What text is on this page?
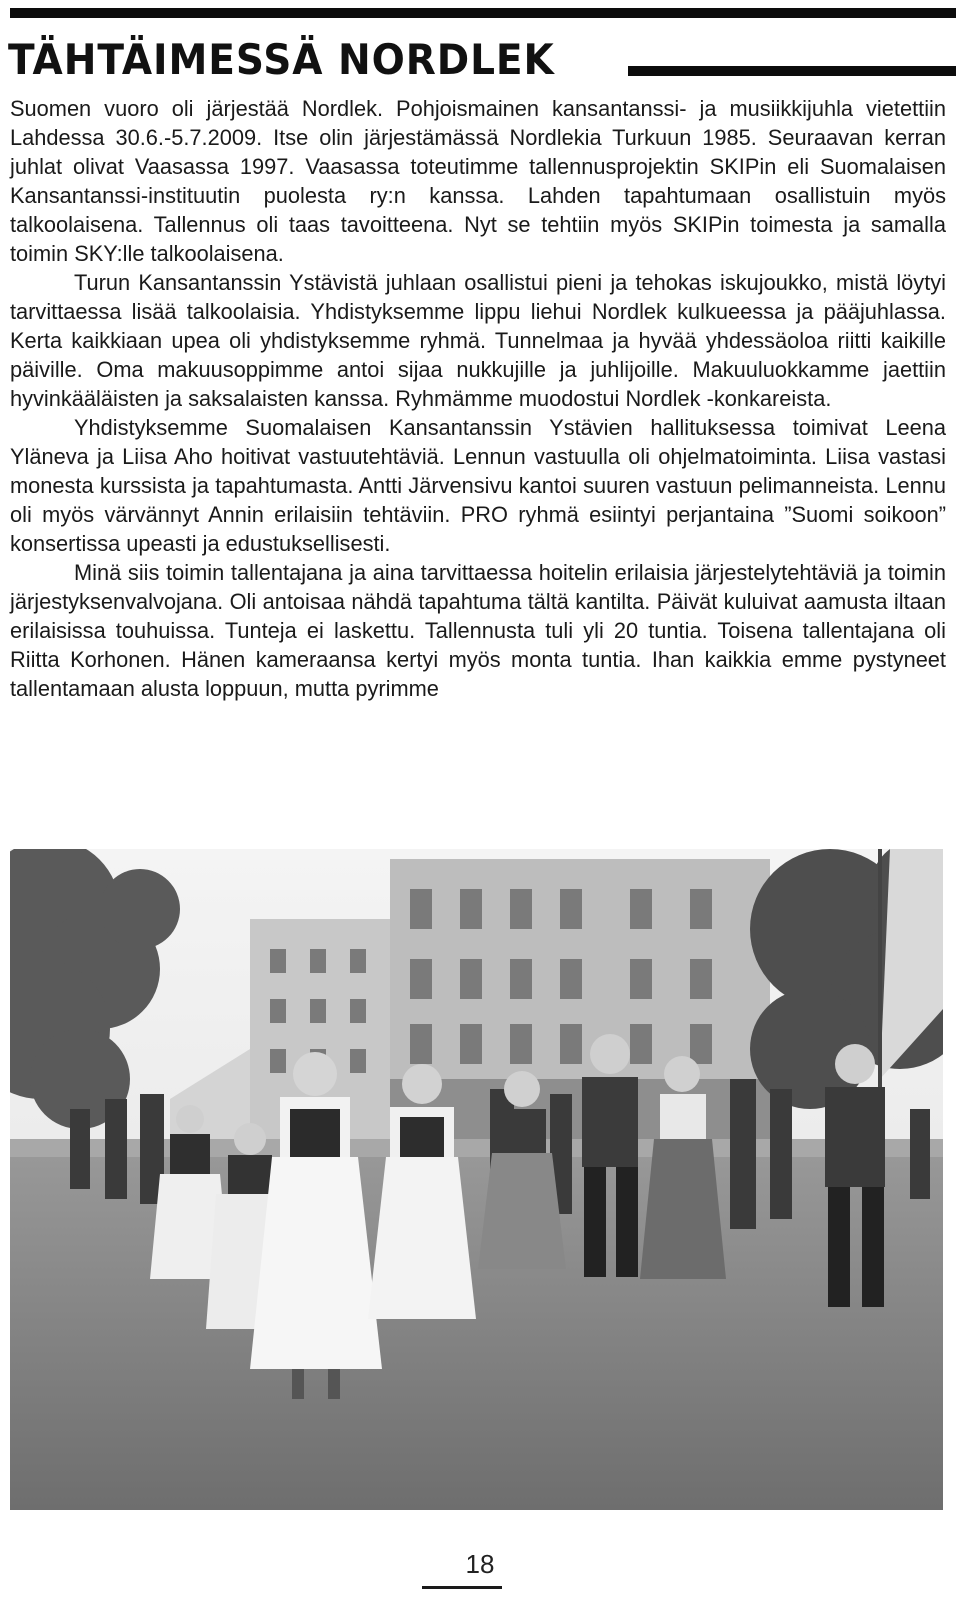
TÄHTÄIMESSÄ NORDLEK

Suomen vuoro oli järjestää Nordlek. Pohjoismainen kansantanssi- ja musiikkijuhla vietettiin Lahdessa 30.6.-5.7.2009. Itse olin järjestämässä Nordlekia Turkuun 1985. Seuraavan kerran juhlat olivat Vaasassa 1997. Vaasassa toteutimme tallennusprojektin SKIPin eli Suomalaisen Kansantanssi-instituutin puolesta ry:n kanssa. Lahden tapahtumaan osallistuin myös talkoolaisena. Tallennus oli taas tavoitteena. Nyt se tehtiin myös SKIPin toimesta ja samalla toimin SKY:lle talkoolaisena.

Turun Kansantanssin Ystävistä juhlaan osallistui pieni ja tehokas iskujoukko, mistä löytyi tarvittaessa lisää talkoolaisia. Yhdistyksemme lippu liehui Nordlek kulkueessa ja pääjuhlassa. Kerta kaikkiaan upea oli yhdistyksemme ryhmä. Tunnelmaa ja hyvää yhdessäoloa riitti kaikille päiville. Oma makuusoppimme antoi sijaa nukkujille ja juhlijoille. Makuuluokkamme jaettiin hyvinkääläisten ja saksalaisten kanssa. Ryhmämme muodostui Nordlek -konkareista.

Yhdistyksemme Suomalaisen Kansantanssin Ystävien hallituksessa toimivat Leena Yläneva ja Liisa Aho hoitivat vastuutehtäviä. Lennun vastuulla oli ohjelmatoiminta. Liisa vastasi monesta kurssista ja tapahtumasta. Antti Järvensivu kantoi suuren vastuun pelimanneista. Lennu oli myös värvännyt Annin erilaisiin tehtäviin. PRO ryhmä esiintyi perjantaina ”Suomi soikoon” konsertissa upeasti ja edustuksellisesti.

Minä siis toimin tallentajana ja aina tarvittaessa hoitelin erilaisia järjestelytehtäviä ja toimin järjestyksenvalvojana. Oli antoisaa nähdä tapahtuma tältä kantilta. Päivät kuluivat aamusta iltaan erilaisissa touhuissa. Tunteja ei laskettu. Tallennusta tuli yli 20 tuntia. Toisena tallentajana oli Riitta Korhonen. Hänen kameraansa kertyi myös monta tuntia. Ihan kaikkia emme pystyneet tallentamaan alusta loppuun, mutta pyrimme

18
